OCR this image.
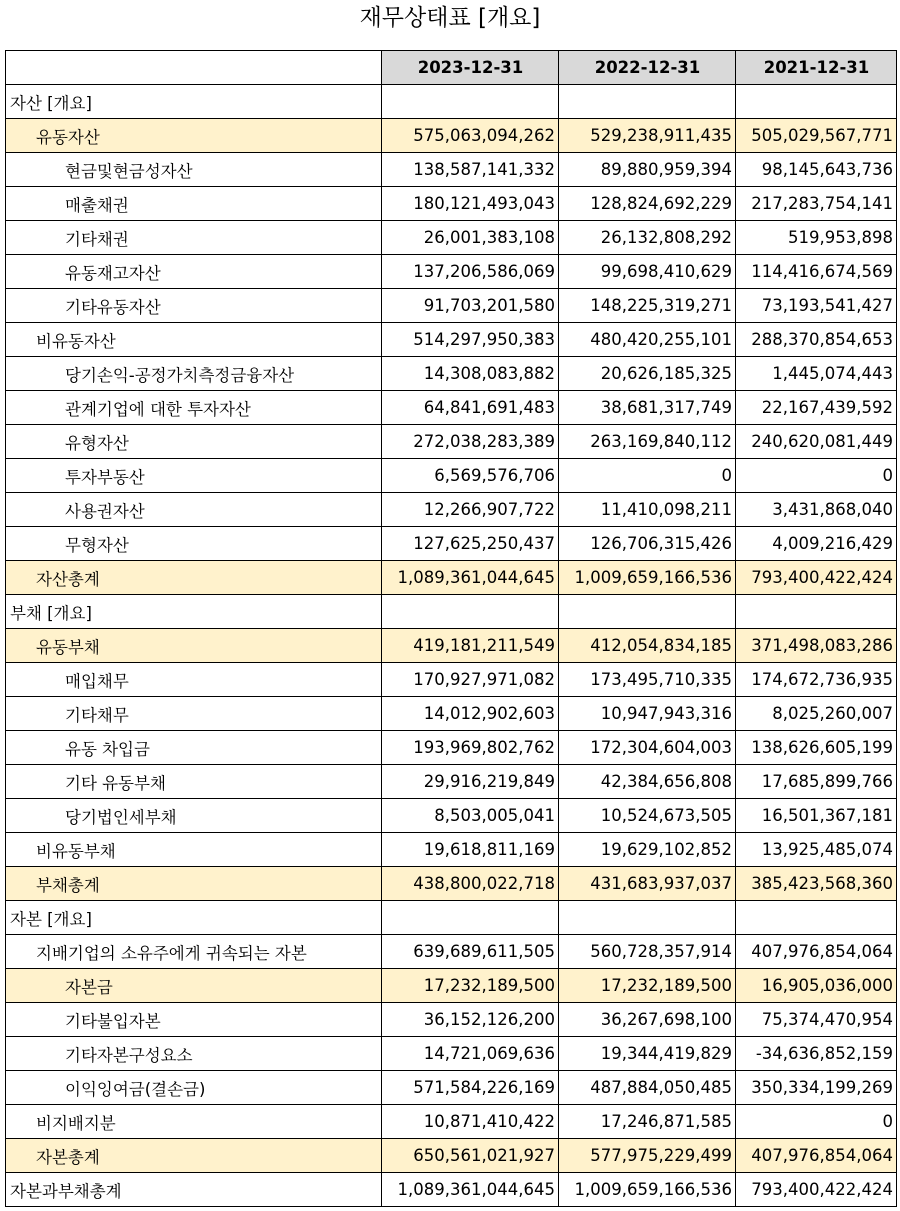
재무상태표 [개요]
	2023-12-31	2022-12-31	2021-12-31
자산 [개요]			
유동자산	575,063,094,262	529,238,911,435	505,029,567,771
현금및현금성자산	138,587,141,332	89,880,959,394	98,145,643,736
매출채권	180,121,493,043	128,824,692,229	217,283,754,141
기타채권	26,001,383,108	26,132,808,292	519,953,898
유동재고자산	137,206,586,069	99,698,410,629	114,416,674,569
기타유동자산	91,703,201,580	148,225,319,271	73,193,541,427
비유동자산	514,297,950,383	480,420,255,101	288,370,854,653
당기손익-공정가치측정금융자산	14,308,083,882	20,626,185,325	1,445,074,443
관계기업에 대한 투자자산	64,841,691,483	38,681,317,749	22,167,439,592
유형자산	272,038,283,389	263,169,840,112	240,620,081,449
투자부동산	6,569,576,706	0	0
사용권자산	12,266,907,722	11,410,098,211	3,431,868,040
무형자산	127,625,250,437	126,706,315,426	4,009,216,429
자산총계	1,089,361,044,645	1,009,659,166,536	793,400,422,424
부채 [개요]			
유동부채	419,181,211,549	412,054,834,185	371,498,083,286
매입채무	170,927,971,082	173,495,710,335	174,672,736,935
기타채무	14,012,902,603	10,947,943,316	8,025,260,007
유동 차입금	193,969,802,762	172,304,604,003	138,626,605,199
기타 유동부채	29,916,219,849	42,384,656,808	17,685,899,766
당기법인세부채	8,503,005,041	10,524,673,505	16,501,367,181
비유동부채	19,618,811,169	19,629,102,852	13,925,485,074
부채총계	438,800,022,718	431,683,937,037	385,423,568,360
자본 [개요]			
지배기업의 소유주에게 귀속되는 자본	639,689,611,505	560,728,357,914	407,976,854,064
자본금	17,232,189,500	17,232,189,500	16,905,036,000
기타불입자본	36,152,126,200	36,267,698,100	75,374,470,954
기타자본구성요소	14,721,069,636	19,344,419,829	-34,636,852,159
이익잉여금(결손금)	571,584,226,169	487,884,050,485	350,334,199,269
비지배지분	10,871,410,422	17,246,871,585	0
자본총계	650,561,021,927	577,975,229,499	407,976,854,064
자본과부채총계	1,089,361,044,645	1,009,659,166,536	793,400,422,424
